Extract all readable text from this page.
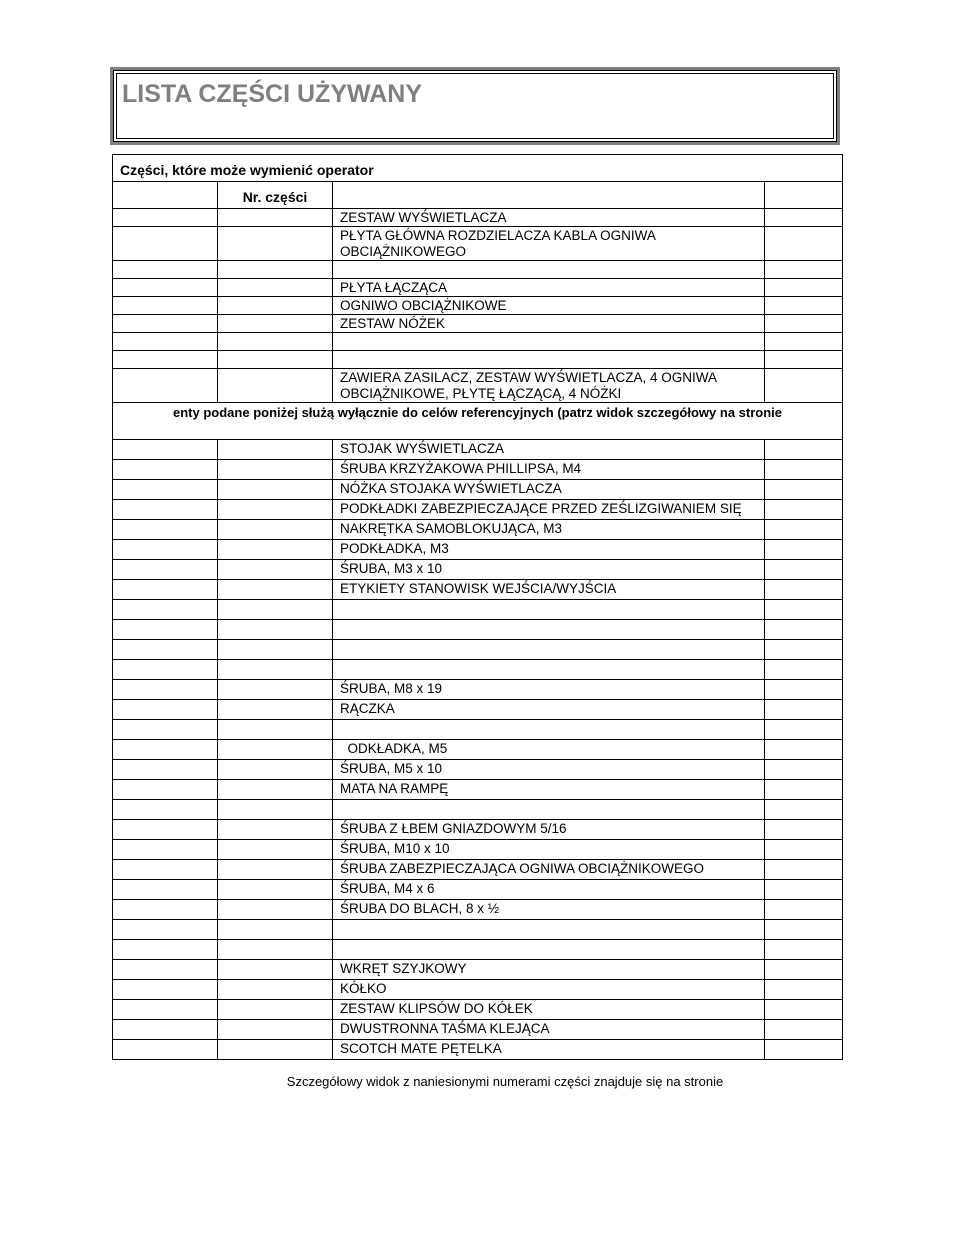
LISTA CZĘŚCI UŻYWANY
Części, które może wymienić operator			
	Nr. części		
		ZESTAW WYŚWIETLACZA	
		PŁYTA GŁÓWNA ROZDZIELACZA KABLA OGNIWA OBCIĄŻNIKOWEGO	

		PŁYTA ŁĄCZĄCA	
		OGNIWO OBCIĄŻNIKOWE	
		ZESTAW NÓŻEK	

		ZAWIERA ZASILACZ, ZESTAW WYŚWIETLACZA, 4 OGNIWA OBCIĄŻNIKOWE, PŁYTĘ ŁĄCZĄCĄ, 4 NÓŻKI	
enty podane poniżej służą wyłącznie do celów referencyjnych (patrz widok szczegółowy na stronie			
		STOJAK WYŚWIETLACZA	
		ŚRUBA KRZYŻAKOWA PHILLIPSA, M4	
		NÓŻKA STOJAKA WYŚWIETLACZA	
		PODKŁADKI ZABEZPIECZAJĄCE PRZED ZEŚLIZGIWANIEM SIĘ	
		NAKRĘTKA SAMOBLOKUJĄCA, M3	
		PODKŁADKA, M3	
		ŚRUBA, M3 x 10	
		ETYKIETY STANOWISK WEJŚCIA/WYJŚCIA	

		ŚRUBA, M8 x 19	
		RĄCZKA	

		ODKŁADKA, M5	
		ŚRUBA, M5 x 10	
		MATA NA RAMPĘ	

		ŚRUBA Z ŁBEM GNIAZDOWYM 5/16	
		ŚRUBA, M10 x 10	
		ŚRUBA ZABEZPIECZAJĄCA OGNIWA OBCIĄŻNIKOWEGO	
		ŚRUBA, M4 x 6	
		ŚRUBA DO BLACH, 8 x ½	

		WKRĘT SZYJKOWY	
		KÓŁKO	
		ZESTAW KLIPSÓW DO KÓŁEK	
		DWUSTRONNA TAŚMA KLEJĄCA	
		SCOTCH MATE PĘTELKA	
Szczegółowy widok z naniesionymi numerami części znajduje się na stronie
